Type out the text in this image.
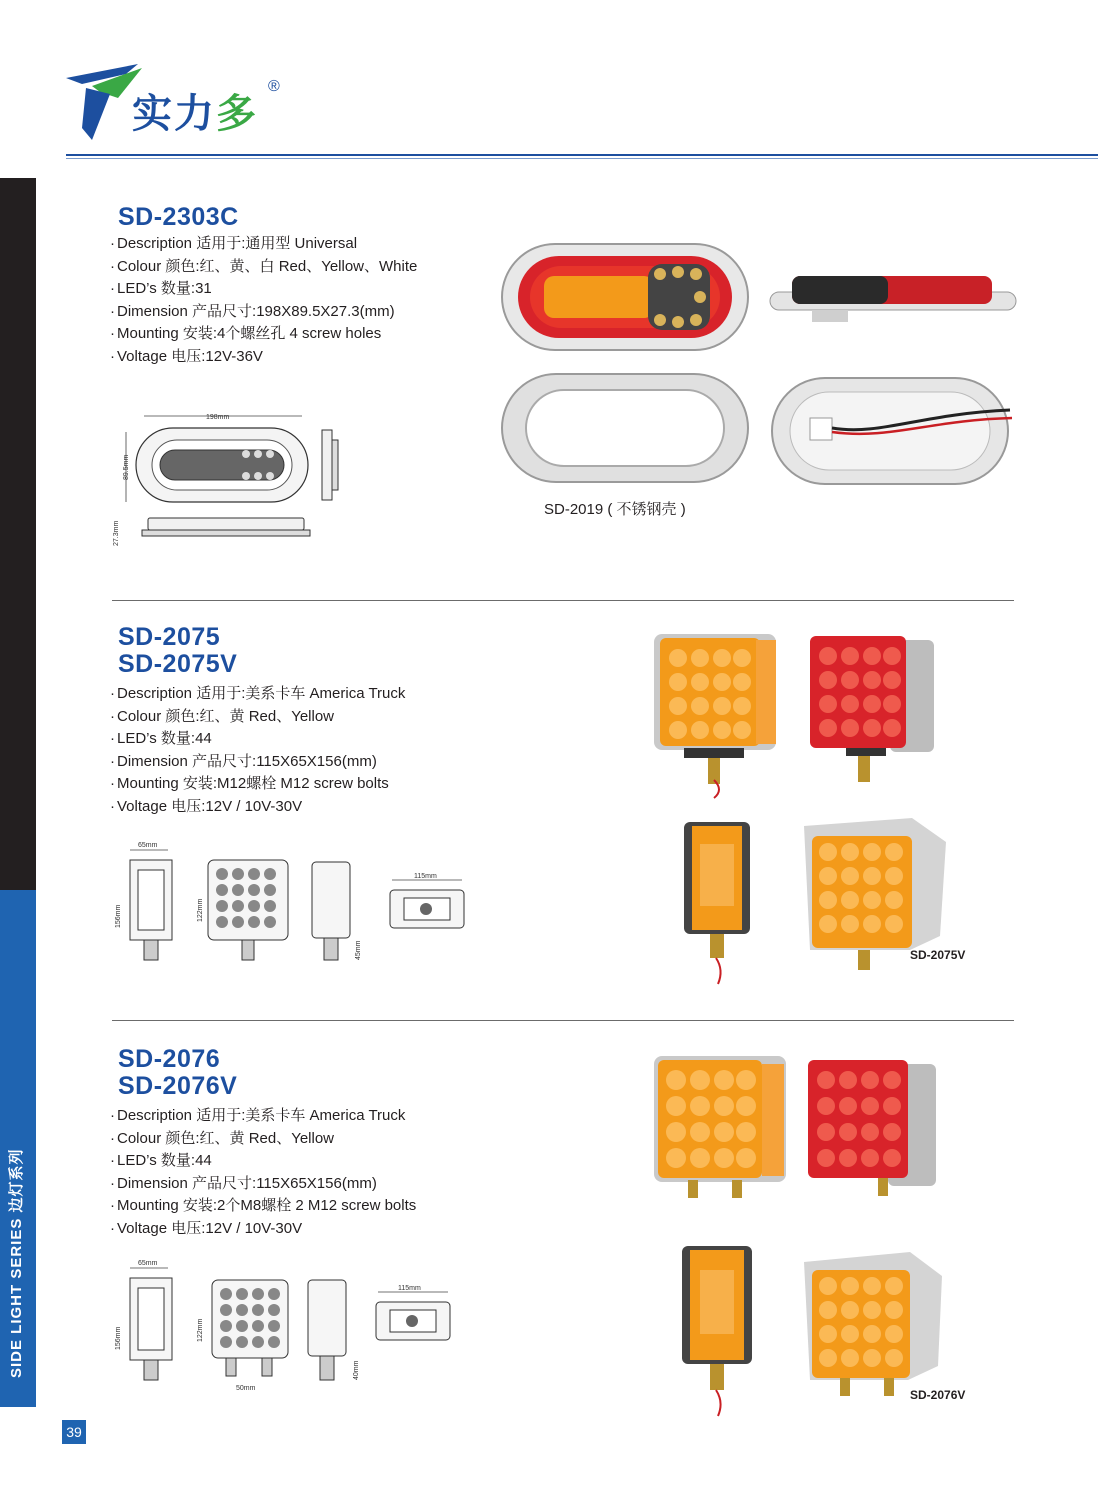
实力多
®
SIDE LIGHT SERIES 边灯系列
39
SD-2303C
· Description 适用于:通用型 Universal
· Colour 颜色:红、黄、白 Red、Yellow、White
· LED’s 数量:31
· Dimension 产品尺寸:198X89.5X27.3(mm)
· Mounting 安装:4个螺丝孔 4 screw holes
· Voltage 电压:12V-36V
198mm
89.5mm
27.3mm
SD-2019 ( 不锈钢壳 )
SD-2075
SD-2075V
· Description 适用于:美系卡车 America Truck
· Colour 颜色:红、黄 Red、Yellow
· LED’s 数量:44
· Dimension 产品尺寸:115X65X156(mm)
· Mounting 安装:M12螺栓 M12 screw bolts
· Voltage 电压:12V / 10V-30V
65mm
156mm	122mm
45mm
115mm
SD-2075V
SD-2076
SD-2076V
· Description 适用于:美系卡车 America Truck
· Colour 颜色:红、黄 Red、Yellow
· LED’s 数量:44
· Dimension 产品尺寸:115X65X156(mm)
· Mounting 安装:2个M8螺栓 2 M12 screw bolts
· Voltage 电压:12V / 10V-30V
65mm
156mm	122mm
50mm
40mm
115mm
SD-2076V
